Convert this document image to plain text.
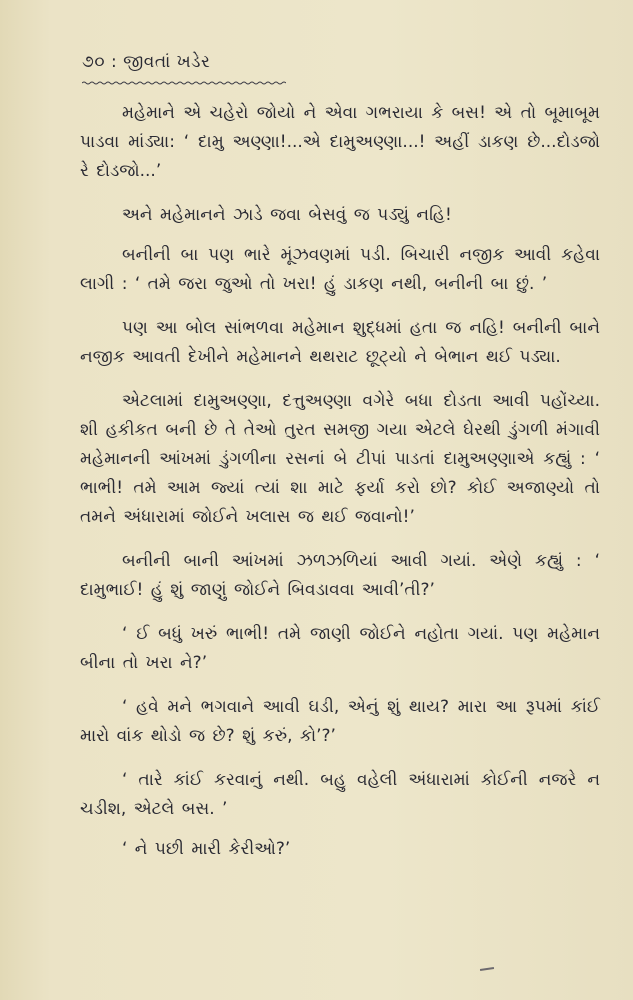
૭૦ : જીવતાં ખડેર

મહેમાને એ ચહેરો જોયો ને એવા ગભરાયા કે બસ! એ તો બૂમાબૂમ પાડવા માંડ્યા: ‘ દામુ અણ્ણા!...એ દામુઅણ્ણા...! અહીં ડાકણ છે...દોડજો રે દોડજો...’

અને મહેમાનને ઝાડે જવા બેસવું જ પડ્યું નહિ!

બનીની બા પણ ભારે મૂંઝવણમાં પડી. બિચારી નજીક આવી કહેવા લાગી : ‘ તમે જરા જુઓ તો ખરા! હું ડાકણ નથી, બનીની બા છું. ’

પણ આ બોલ સાંભળવા મહેમાન શુદ્ધમાં હતા જ નહિ! બનીની બાને નજીક આવતી દેખીને મહેમાનને થથરાટ છૂટ્યો ને બેભાન થઈ પડ્યા.

એટલામાં દામુઅણ્ણા, દત્તુઅણ્ણા વગેરે બધા દોડતા આવી પહોંચ્યા. શી હકીકત બની છે તે તેઓ તુરત સમજી ગયા એટલે ઘેરથી ડુંગળી મંગાવી મહેમાનની આંખમાં ડુંગળીના રસનાં બે ટીપાં પાડતાં દામુઅણ્ણાએ કહ્યું : ‘ ભાભી! તમે આમ જ્યાં ત્યાં શા માટે ફર્યા કરો છો? કોઈ અજાણ્યો તો તમને અંધારામાં જોઈને ખલાસ જ થઈ જવાનો!’

બનીની બાની આંખમાં ઝળઝળિયાં આવી ગયાં. એણે કહ્યું : ‘ દામુભાઈ! હું શું જાણું જોઈને બિવડાવવા આવી’તી?’

‘ ઈ બધું ખરું ભાભી! તમે જાણી જોઈને નહોતા ગયાં. પણ મહેમાન બીના તો ખરા ને?’

‘ હવે મને ભગવાને આવી ઘડી, એનું શું થાય? મારા આ રૂપમાં કાંઈ મારો વાંક થોડો જ છે? શું કરું, કો’?’

‘ તારે કાંઈ કરવાનું નથી. બહુ વહેલી અંધારામાં કોઈની નજરે ન ચડીશ, એટલે બસ. ’

‘ ને પછી મારી કેરીઓ?’
